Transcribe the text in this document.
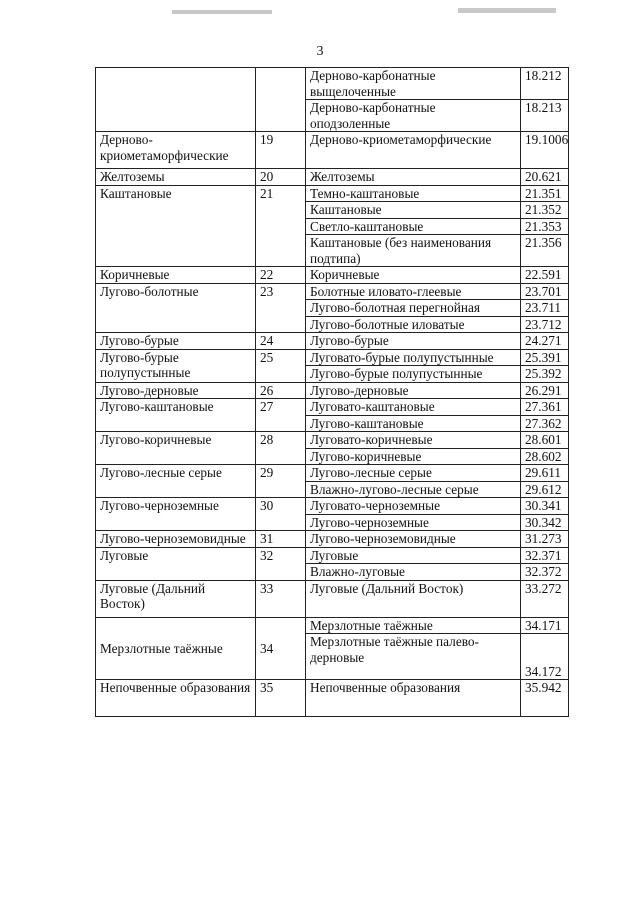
3
		Дерново-карбонатные выщелоченные	18.212
		Дерново-карбонатные оподзоленные	18.213
Дерново-криометаморфические	19	Дерново-криометаморфические	19.1006
Желтоземы	20	Желтоземы	20.621
Каштановые	21	Темно-каштановые	21.351
		Каштановые	21.352
		Светло-каштановые	21.353
		Каштановые (без наименования подтипа)	21.356
Коричневые	22	Коричневые	22.591
Лугово-болотные	23	Болотные иловато-глеевые	23.701
		Лугово-болотная перегнойная	23.711
		Лугово-болотные иловатые	23.712
Лугово-бурые	24	Лугово-бурые	24.271
Лугово-бурые полупустынные	25	Луговато-бурые полупустынные	25.391
		Лугово-бурые полупустынные	25.392
Лугово-дерновые	26	Лугово-дерновые	26.291
Лугово-каштановые	27	Луговато-каштановые	27.361
		Лугово-каштановые	27.362
Лугово-коричневые	28	Луговато-коричневые	28.601
		Лугово-коричневые	28.602
Лугово-лесные серые	29	Лугово-лесные серые	29.611
		Влажно-лугово-лесные серые	29.612
Лугово-черноземные	30	Луговато-черноземные	30.341
		Лугово-черноземные	30.342
Лугово-черноземовидные	31	Лугово-черноземовидные	31.273
Луговые	32	Луговые	32.371
		Влажно-луговые	32.372
Луговые (Дальний Восток)	33	Луговые (Дальний Восток)	33.272
Мерзлотные таёжные	34	Мерзлотные таёжные	34.171
		Мерзлотные таёжные палево-дерновые	34.172
Непочвенные образования	35	Непочвенные образования	35.942
